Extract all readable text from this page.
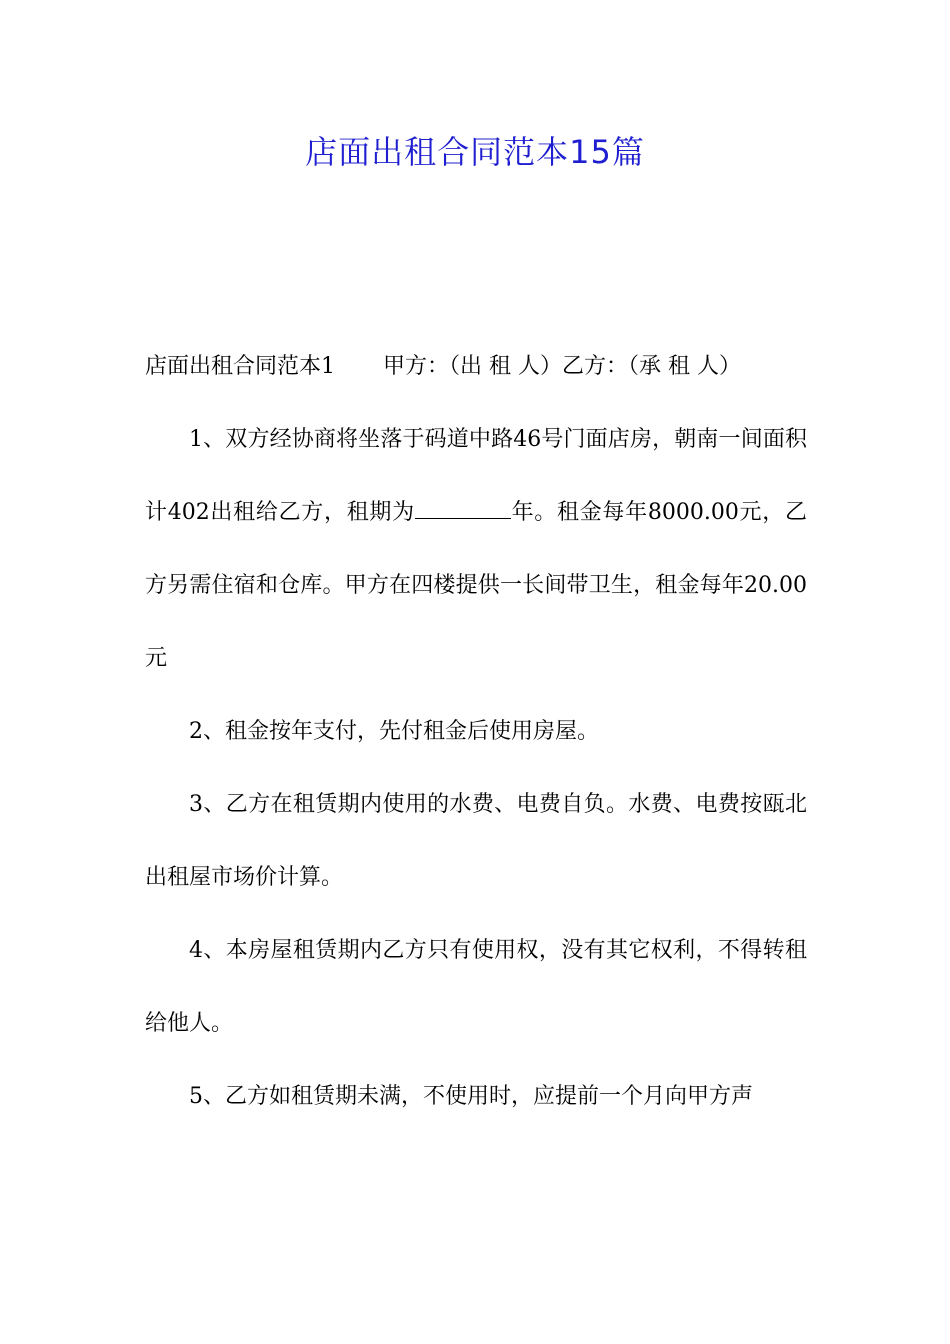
店面出租合同范本15篇

店面出租合同范本1 甲方：（出 租 人）乙方：（承 租 人）

1、双方经协商将坐落于码道中路46号门面店房，朝南一间面积计402出租给乙方，租期为	年。租金每年8000.00元，乙方另需住宿和仓库。甲方在四楼提供一长间带卫生，租金每年20.00元

2、租金按年支付，先付租金后使用房屋。

3、乙方在租赁期内使用的水费、电费自负。水费、电费按瓯北出租屋市场价计算。

4、本房屋租赁期内乙方只有使用权，没有其它权利，不得转租给他人。

5、乙方如租赁期未满，不使用时，应提前一个月向甲方声
